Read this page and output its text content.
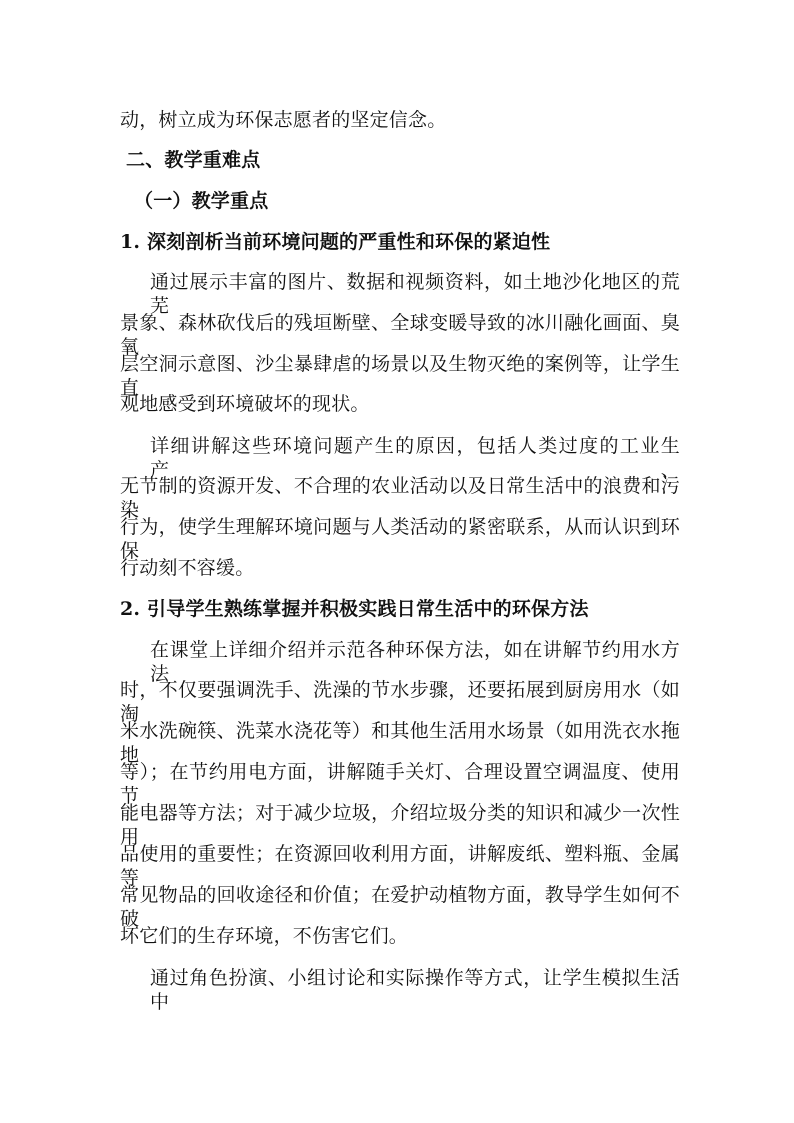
动，树立成为环保志愿者的坚定信念。
二、教学重难点
（一）教学重点
1. 深刻剖析当前环境问题的严重性和环保的紧迫性
通过展示丰富的图片、数据和视频资料，如土地沙化地区的荒芜
景象、森林砍伐后的残垣断壁、全球变暖导致的冰川融化画面、臭氧
层空洞示意图、沙尘暴肆虐的场景以及生物灭绝的案例等，让学生直
观地感受到环境破坏的现状。
详细讲解这些环境问题产生的原因，包括人类过度的工业生产、
无节制的资源开发、不合理的农业活动以及日常生活中的浪费和污染
行为，使学生理解环境问题与人类活动的紧密联系，从而认识到环保
行动刻不容缓。
2. 引导学生熟练掌握并积极实践日常生活中的环保方法
在课堂上详细介绍并示范各种环保方法，如在讲解节约用水方法
时，不仅要强调洗手、洗澡的节水步骤，还要拓展到厨房用水（如淘
米水洗碗筷、洗菜水浇花等）和其他生活用水场景（如用洗衣水拖地
等）；在节约用电方面，讲解随手关灯、合理设置空调温度、使用节
能电器等方法；对于减少垃圾，介绍垃圾分类的知识和减少一次性用
品使用的重要性；在资源回收利用方面，讲解废纸、塑料瓶、金属等
常见物品的回收途径和价值；在爱护动植物方面，教导学生如何不破
坏它们的生存环境，不伤害它们。
通过角色扮演、小组讨论和实际操作等方式，让学生模拟生活中
